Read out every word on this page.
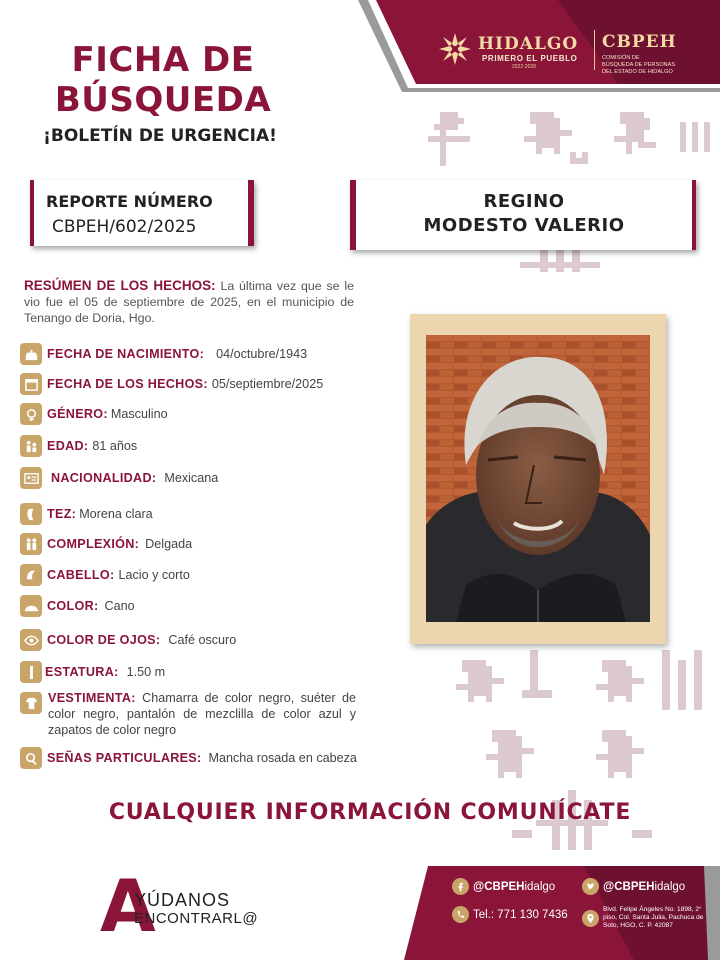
FICHA DE
BÚSQUEDA
¡BOLETÍN DE URGENCIA!
HIDALGO
PRIMERO EL PUEBLO
2022-2028
CBPEH
COMISIÓN DE
BÚSQUEDA DE PERSONAS
DEL ESTADO DE HIDALGO
REPORTE NÚMERO
CBPEH/602/2025
REGINO
MODESTO VALERIO
RESÚMEN DE LOS HECHOS: La última vez que se le vio fue el 05 de septiembre de 2025, en el municipio de Tenango de Doria, Hgo.
FECHA DE NACIMIENTO: 04/octubre/1943
FECHA DE LOS HECHOS: 05/septiembre/2025
GÉNERO: Masculino
EDAD: 81 años
NACIONALIDAD: Mexicana
TEZ: Morena clara
COMPLEXIÓN: Delgada
CABELLO: Lacio y corto
COLOR: Cano
COLOR DE OJOS: Café oscuro
ESTATURA: 1.50 m
VESTIMENTA: Chamarra de color negro, suéter de color negro, pantalón de mezclilla de color azul y zapatos de color negro
SEÑAS PARTICULARES: Mancha rosada en cabeza
CUALQUIER INFORMACIÓN COMUNÍCATE
A
YÚDANOS
ENCONTRARL@
@CBPEHidalgo	@CBPEHidalgo
Tel.: 771 130 7436	Blvd. Felipe Ángeles No. 1898, 2° piso, Col. Santa Julia, Pachuca de Soto, HGO, C. P. 42087
